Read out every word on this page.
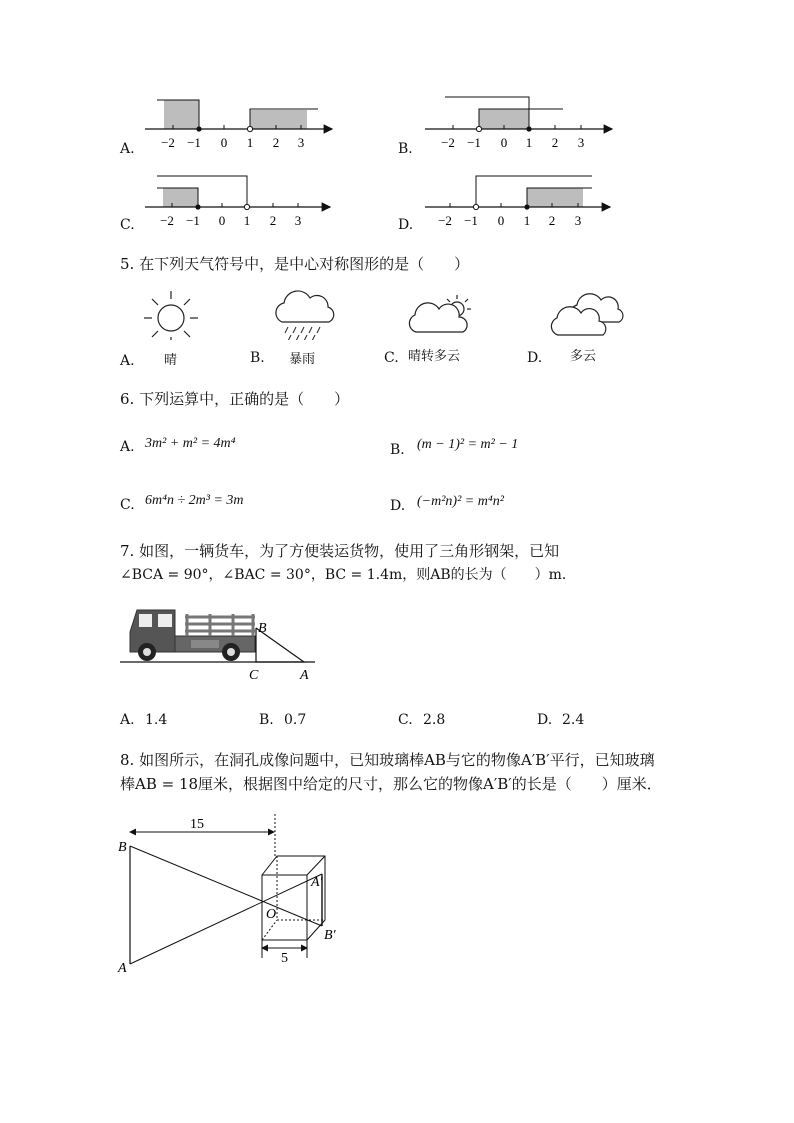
A.	B.
C.	D.
−2 −1 0 1 2 3	−2 −1 0 1 2 3
−2 −1 0 1 2 3	−2 −1 0 1 2 3
5. 在下列天气符号中，是中心对称图形的是（　　）
A. 晴	B. 暴雨	C. 晴转多云	D. 多云
6. 下列运算中，正确的是（　　）
A. 3m² + m² = 4m⁴	B. (m − 1)² = m² − 1
C. 6m⁴n ÷ 2m³ = 3m	D. (−m²n)² = m⁴n²
7. 如图，一辆货车，为了方便装运货物，使用了三角形钢架，已知
∠BCA = 90°，∠BAC = 30°，BC = 1.4m，则AB的长为（　　）m．
B
C	A
A. 1.4	B. 0.7	C. 2.8	D. 2.4
8. 如图所示，在洞孔成像问题中，已知玻璃棒AB与它的物像A′B′平行，已知玻璃
棒AB = 18厘米，根据图中给定的尺寸，那么它的物像A′B′的长是（　　）厘米．
15
B
A
O
A′
B′
5
